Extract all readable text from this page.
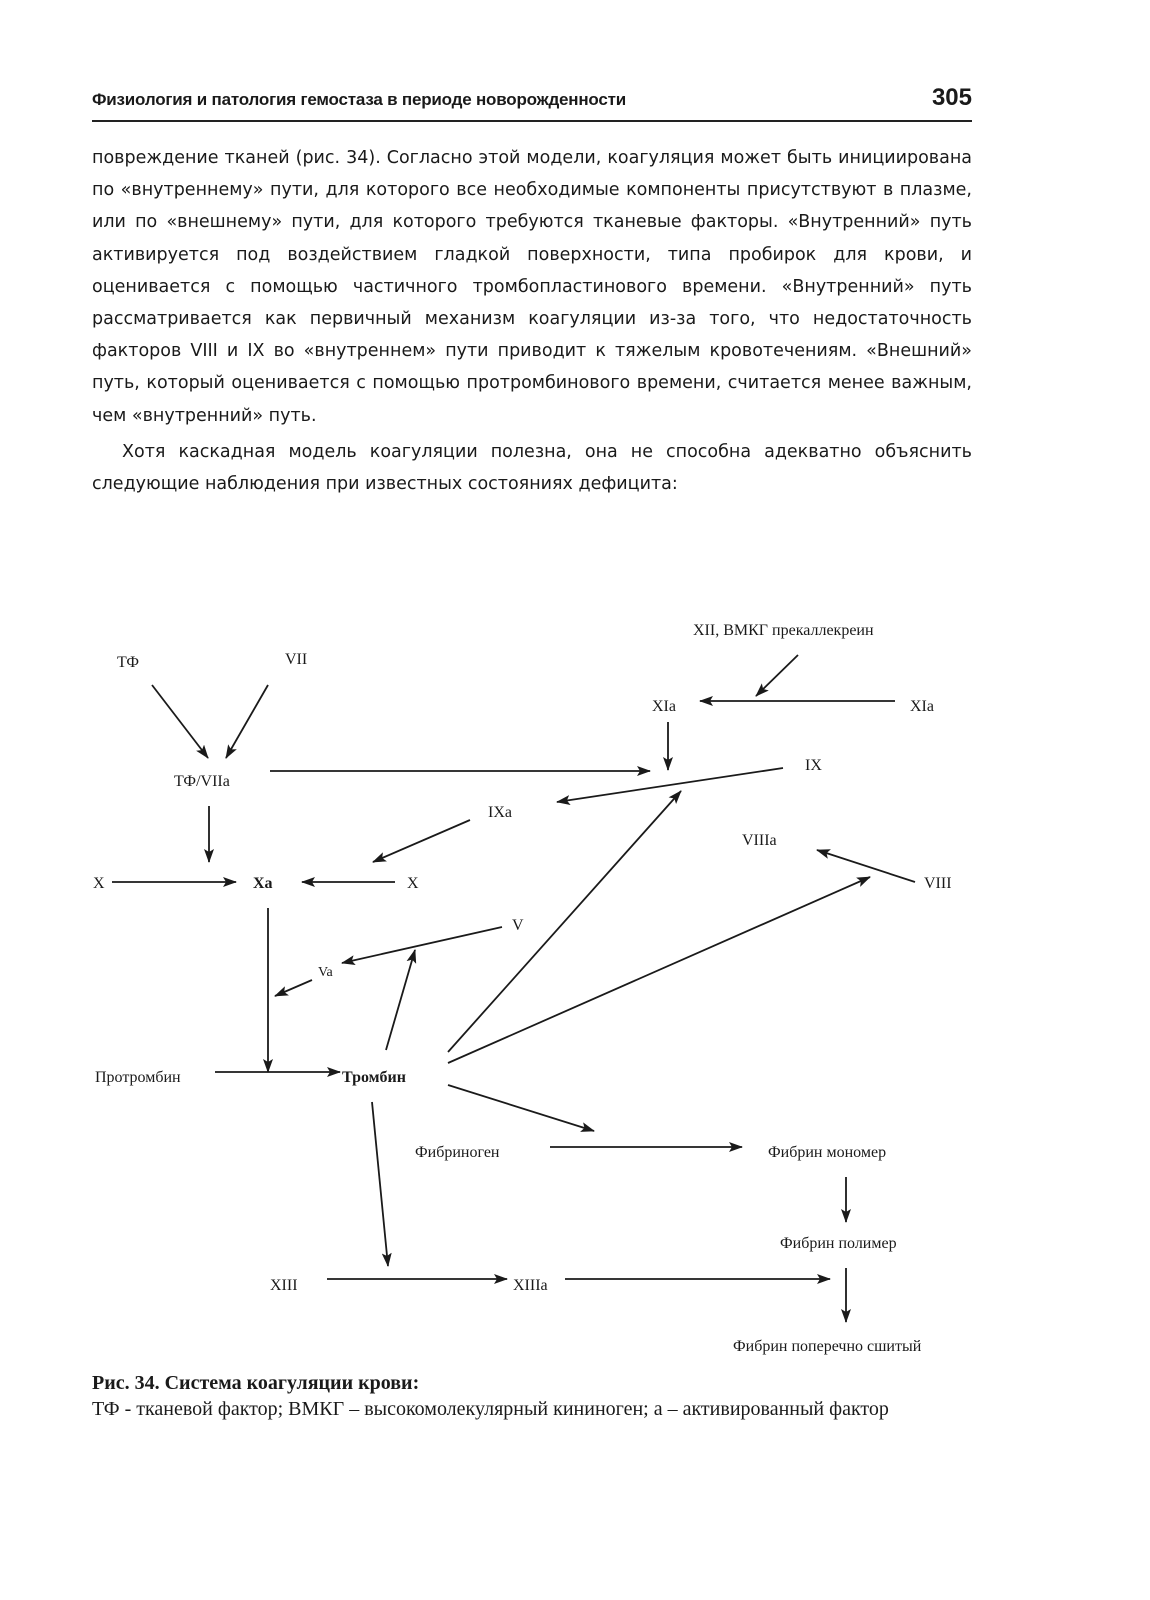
Физиология и патология гемостаза в периоде новорожденности	305

повреждение тканей (рис. 34). Согласно этой модели, коагуляция может быть инициирована по «внутреннему» пути, для которого все необходимые компоненты присутствуют в плазме, или по «внешнему» пути, для которого требуются тканевые факторы. «Внутренний» путь активируется под воздействием гладкой поверхности, типа пробирок для крови, и оценивается с помощью частичного тромбопластинового времени. «Внутренний» путь рассматривается как первичный механизм коагуляции из-за того, что недостаточность факторов VIII и IX во «внутреннем» пути приводит к тяжелым кровотечениям. «Внешний» путь, который оценивается с помощью протромбинового времени, считается менее важным, чем «внутренний» путь.

Хотя каскадная модель коагуляции полезна, она не способна адекватно объяснить следующие наблюдения при известных состояниях дефицита:

ТФ	VII
ТФ/VIIa
XII, ВМКГ прекаллекреин
XIa	XIa
IX
IXa
VIIIa
VIII
X	Xa	X
V
Va
Протромбин	Тромбин
Фибриноген	Фибрин мономер
Фибрин полимер
XIII	XIIIa
Фибрин поперечно сшитый
Рис. 34. Система коагуляции крови:

ТФ - тканевой фактор; ВМКГ – высокомолекулярный кининоген; а – активированный фактор
